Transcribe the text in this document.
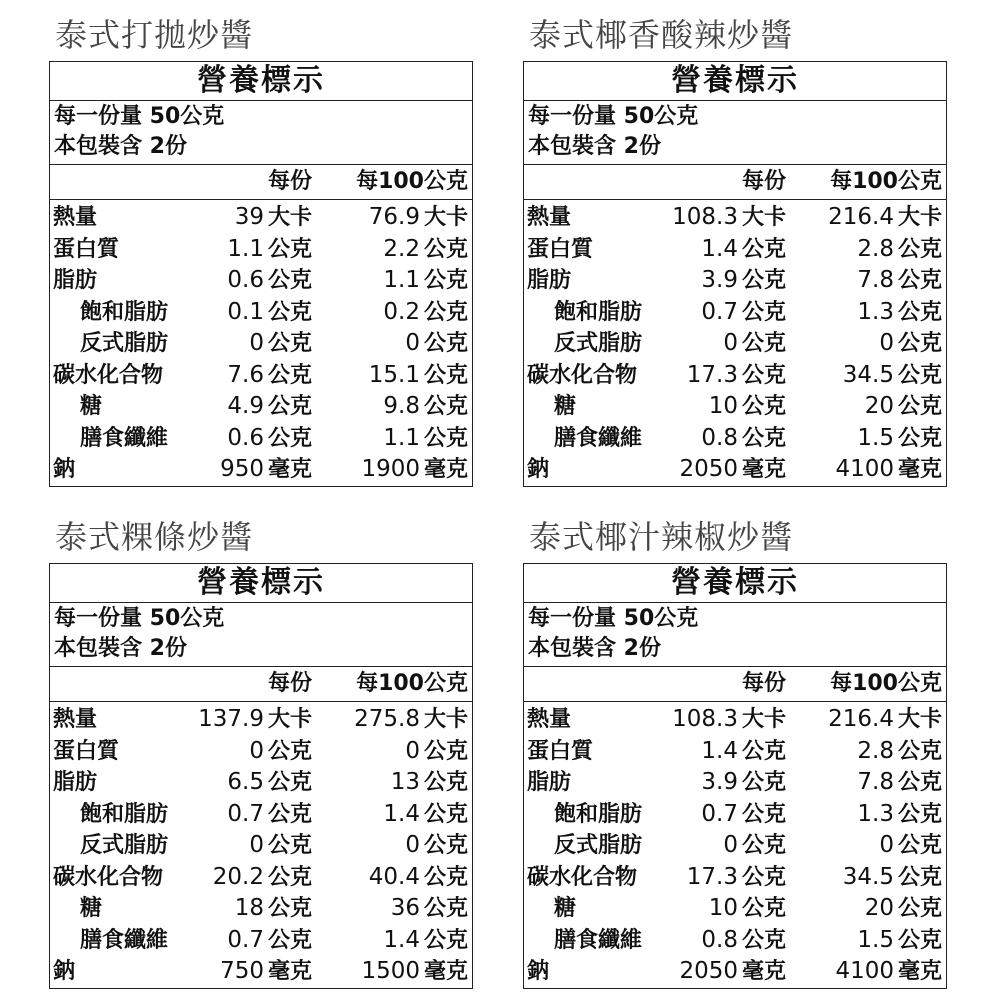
泰式打拋炒醬
營養標示
每一份量 50公克
本包裝含 2份
每份 每100公克
熱量	39 大卡 76.9 大卡
蛋白質	1.1 公克	2.2 公克
脂肪	0.6 公克	1.1 公克
飽和脂肪	0.1 公克	0.2 公克
反式脂肪	0 公克	0 公克
碳水化合物	7.6 公克 15.1 公克
糖	4.9 公克	9.8 公克
膳食纖維	0.6 公克	1.1 公克
鈉	950 毫克 1900 毫克
泰式椰香酸辣炒醬
營養標示
每一份量 50公克
本包裝含 2份
每份 每100公克
熱量	108.3 大卡 216.4 大卡
蛋白質	1.4 公克	2.8 公克
脂肪	3.9 公克	7.8 公克
飽和脂肪	0.7 公克	1.3 公克
反式脂肪	0 公克	0 公克
碳水化合物 17.3 公克 34.5 公克
糖	10 公克	20 公克
膳食纖維	0.8 公克	1.5 公克
鈉	2050 毫克 4100 毫克
泰式粿條炒醬
營養標示
每一份量 50公克
本包裝含 2份
每份 每100公克
熱量	137.9 大卡 275.8 大卡
蛋白質	0 公克	0 公克
脂肪	6.5 公克	13 公克
飽和脂肪	0.7 公克	1.4 公克
反式脂肪	0 公克	0 公克
碳水化合物 20.2 公克 40.4 公克
糖	18 公克	36 公克
膳食纖維	0.7 公克	1.4 公克
鈉	750 毫克 1500 毫克
泰式椰汁辣椒炒醬
營養標示
每一份量 50公克
本包裝含 2份
每份 每100公克
熱量	108.3 大卡 216.4 大卡
蛋白質	1.4 公克	2.8 公克
脂肪	3.9 公克	7.8 公克
飽和脂肪	0.7 公克	1.3 公克
反式脂肪	0 公克	0 公克
碳水化合物 17.3 公克 34.5 公克
糖	10 公克	20 公克
膳食纖維	0.8 公克	1.5 公克
鈉	2050 毫克 4100 毫克
